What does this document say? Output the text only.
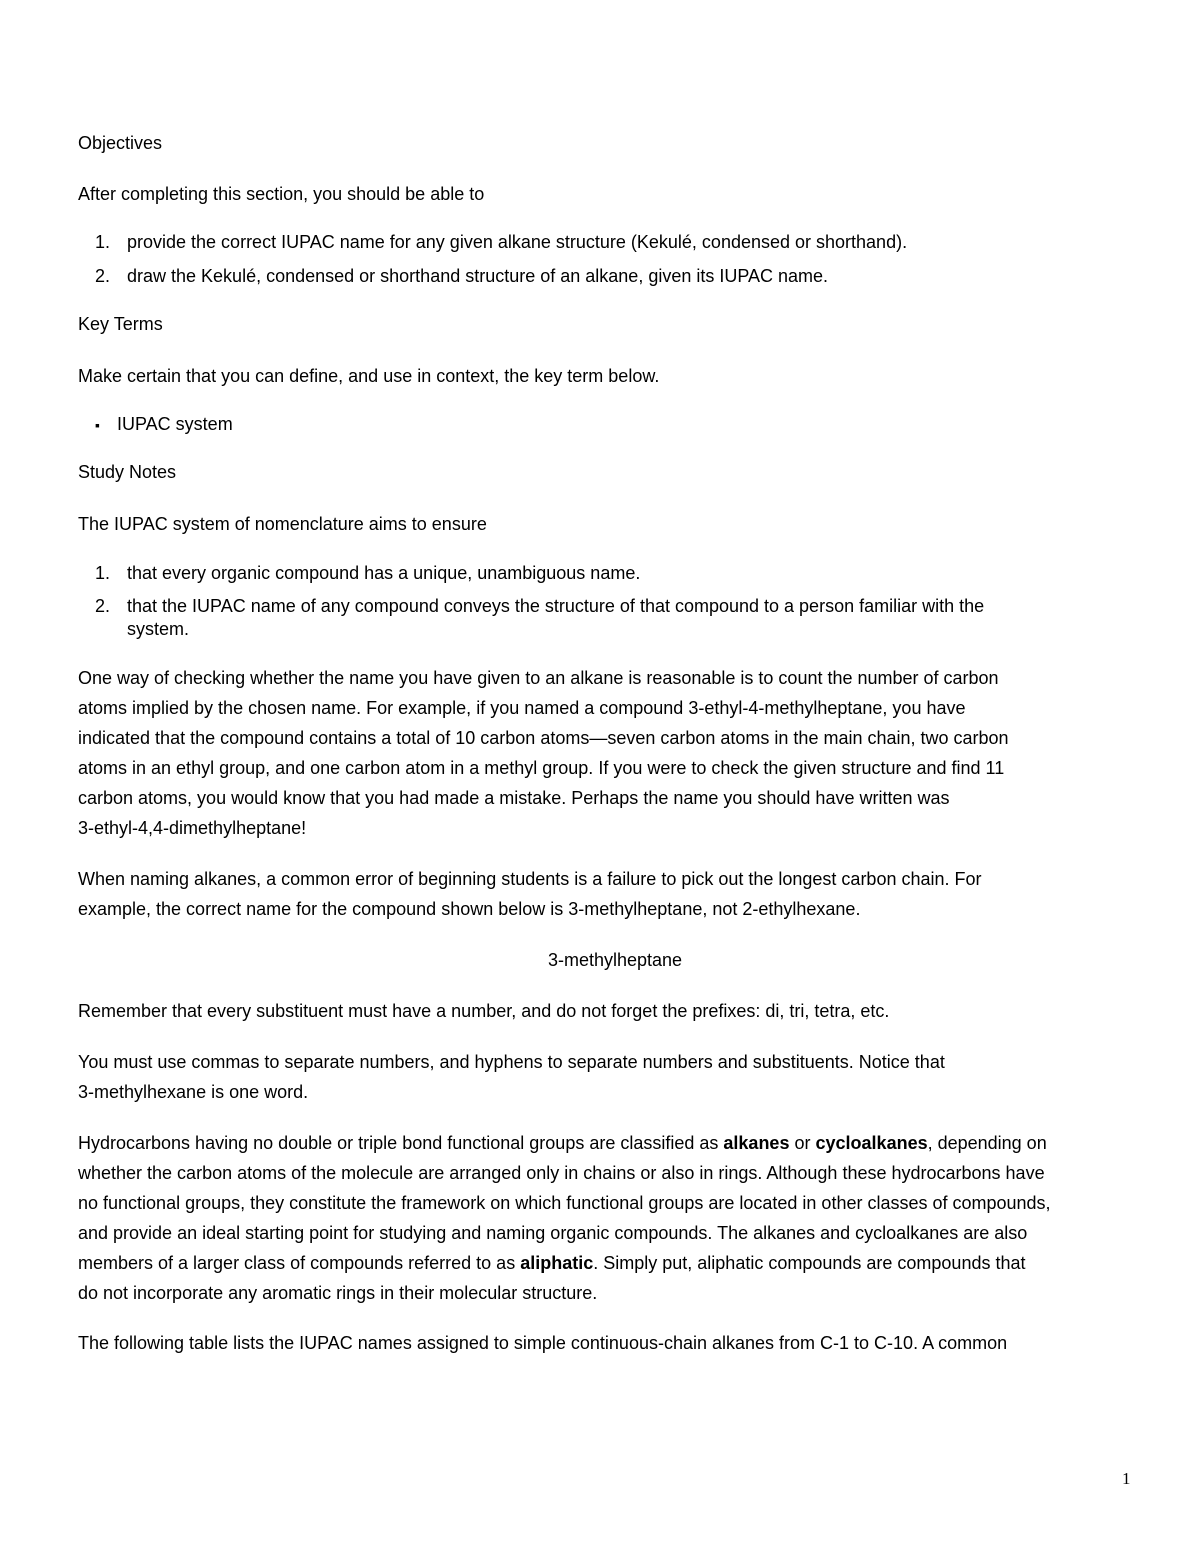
Objectives
After completing this section, you should be able to
1. provide the correct IUPAC name for any given alkane structure (Kekulé, condensed or shorthand).
2. draw the Kekulé, condensed or shorthand structure of an alkane, given its IUPAC name.
Key Terms
Make certain that you can define, and use in context, the key term below.
▪ IUPAC system
Study Notes
The IUPAC system of nomenclature aims to ensure
1. that every organic compound has a unique, unambiguous name.
2. that the IUPAC name of any compound conveys the structure of that compound to a person familiar with the
system.
One way of checking whether the name you have given to an alkane is reasonable is to count the number of carbon
atoms implied by the chosen name. For example, if you named a compound 3-ethyl-4-methylheptane, you have
indicated that the compound contains a total of 10 carbon atoms—seven carbon atoms in the main chain, two carbon
atoms in an ethyl group, and one carbon atom in a methyl group. If you were to check the given structure and find 11
carbon atoms, you would know that you had made a mistake. Perhaps the name you should have written was
3-ethyl-4,4-dimethylheptane!
When naming alkanes, a common error of beginning students is a failure to pick out the longest carbon chain. For
example, the correct name for the compound shown below is 3-methylheptane, not 2-ethylhexane.
3-methylheptane
Remember that every substituent must have a number, and do not forget the prefixes: di, tri, tetra, etc.
You must use commas to separate numbers, and hyphens to separate numbers and substituents. Notice that
3-methylhexane is one word.
Hydrocarbons having no double or triple bond functional groups are classified as alkanes or cycloalkanes, depending on
whether the carbon atoms of the molecule are arranged only in chains or also in rings. Although these hydrocarbons have
no functional groups, they constitute the framework on which functional groups are located in other classes of compounds,
and provide an ideal starting point for studying and naming organic compounds. The alkanes and cycloalkanes are also
members of a larger class of compounds referred to as aliphatic. Simply put, aliphatic compounds are compounds that
do not incorporate any aromatic rings in their molecular structure.
The following table lists the IUPAC names assigned to simple continuous-chain alkanes from C-1 to C-10. A common
1
